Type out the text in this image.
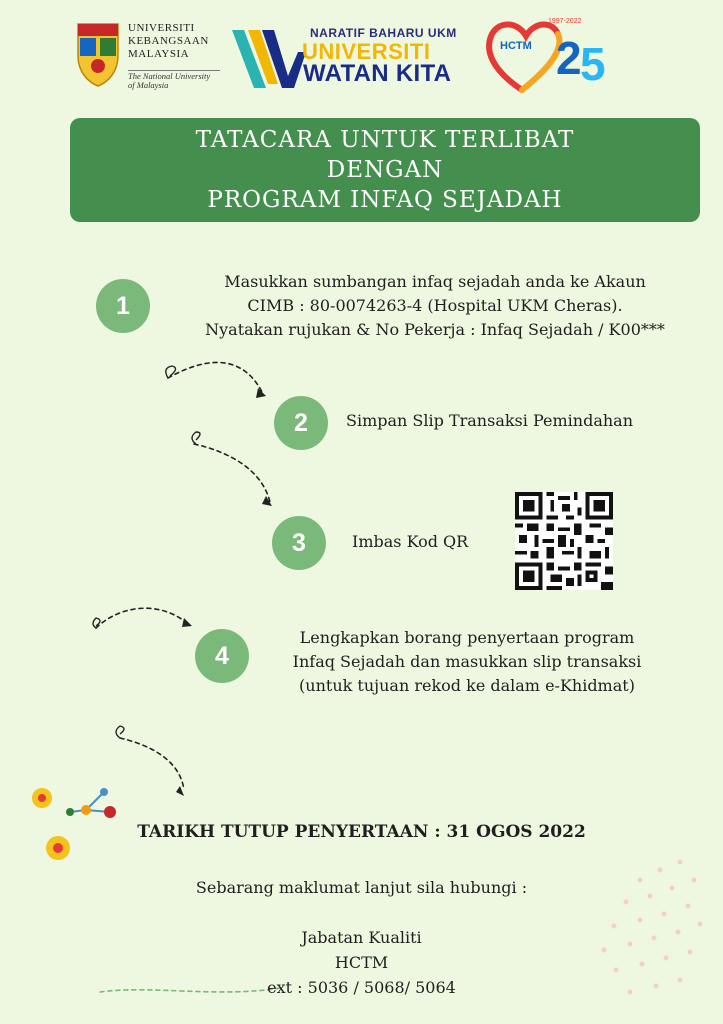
UNIVERSITI
KEBANGSAAN
MALAYSIA
The National University
of Malaysia
NARATIF BAHARU UKM
UNIVERSITI
WATAN KITA 2
5
HCTM
1997-2022
TATACARA UNTUK TERLIBAT
DENGAN
PROGRAM INFAQ SEJADAH
1
Masukkan sumbangan infaq sejadah anda ke Akaun
CIMB : 80-0074263-4 (Hospital UKM Cheras).
Nyatakan rujukan & No Pekerja : Infaq Sejadah / K00***
2	Simpan Slip Transaksi Pemindahan
3	Imbas Kod QR
4
Lengkapkan borang penyertaan program
Infaq Sejadah dan masukkan slip transaksi
(untuk tujuan rekod ke dalam e-Khidmat)
TARIKH TUTUP PENYERTAAN : 31 OGOS 2022
Sebarang maklumat lanjut sila hubungi :
Jabatan Kualiti
HCTM
ext : 5036 / 5068/ 5064
